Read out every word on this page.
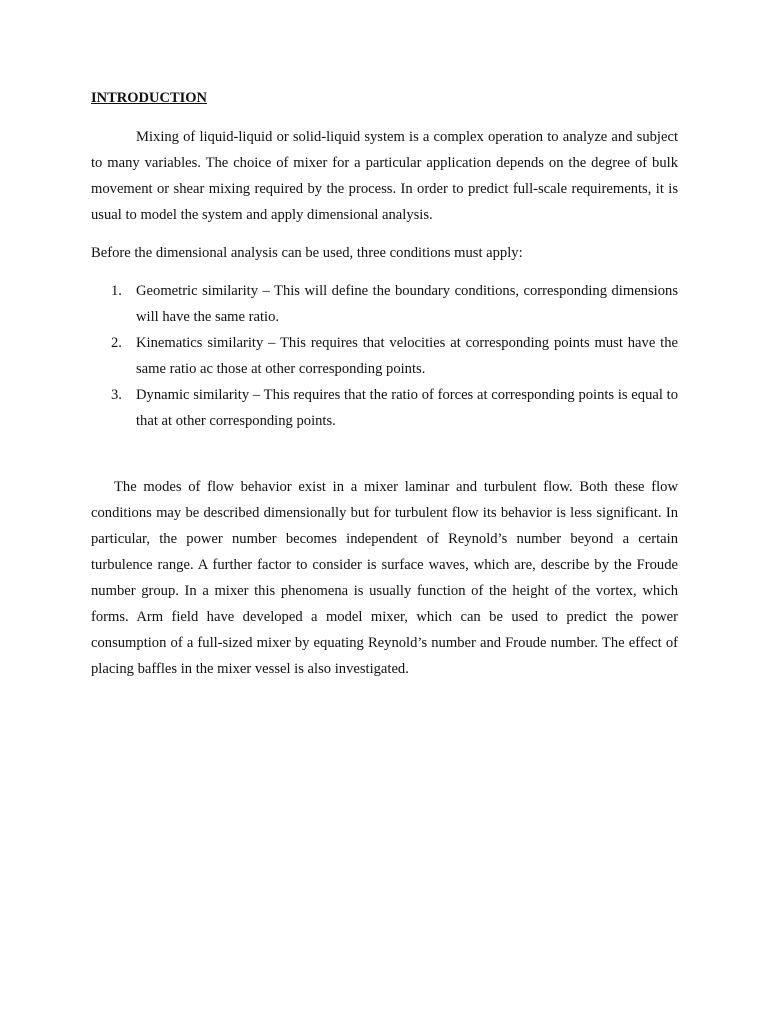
INTRODUCTION

Mixing of liquid-liquid or solid-liquid system is a complex operation to analyze and subject to many variables. The choice of mixer for a particular application depends on the degree of bulk movement or shear mixing required by the process. In order to predict full-scale requirements, it is usual to model the system and apply dimensional analysis.

Before the dimensional analysis can be used, three conditions must apply:

1. Geometric similarity – This will define the boundary conditions, corresponding dimensions will have the same ratio.
2. Kinematics similarity – This requires that velocities at corresponding points must have the same ratio ac those at other corresponding points.
3. Dynamic similarity – This requires that the ratio of forces at corresponding points is equal to that at other corresponding points.

The modes of flow behavior exist in a mixer laminar and turbulent flow. Both these flow conditions may be described dimensionally but for turbulent flow its behavior is less significant. In particular, the power number becomes independent of Reynold’s number beyond a certain turbulence range. A further factor to consider is surface waves, which are, describe by the Froude number group. In a mixer this phenomena is usually function of the height of the vortex, which forms. Arm field have developed a model mixer, which can be used to predict the power consumption of a full-sized mixer by equating Reynold’s number and Froude number. The effect of placing baffles in the mixer vessel is also investigated.
